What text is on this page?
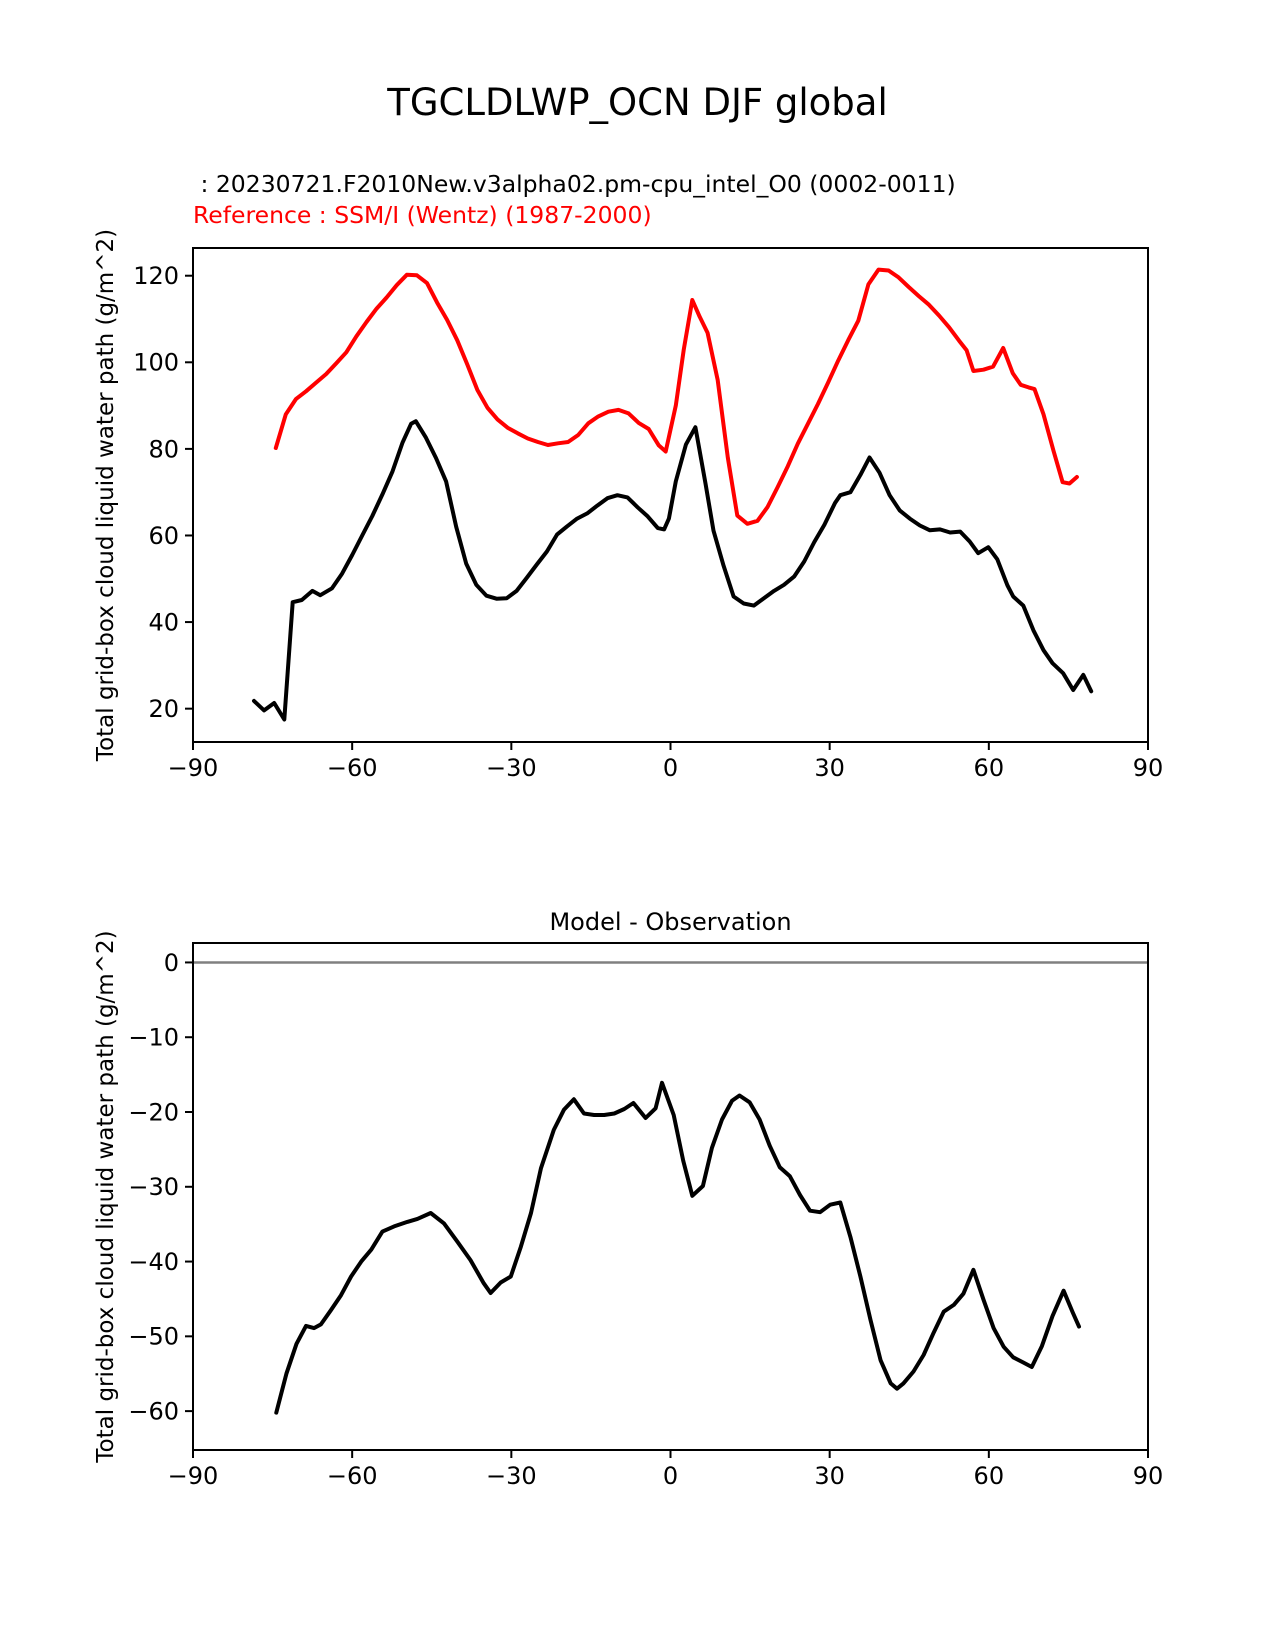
TGCLDLWP_OCN DJF global
: 20230721.F2010New.v3alpha02.pm-cpu_intel_O0 (0002-0011)
Reference : SSM/I (Wentz) (1987-2000)
−90	−60	−30	0	30	60	90
20
40
60
80
100
120
Total grid-box cloud liquid water path (g/m^2)
−90	−60	−30	0	30	60	90
0
−10
−20
−30
−40
−50
−60
Total grid-box cloud liquid water path (g/m^2)
Model - Observation
